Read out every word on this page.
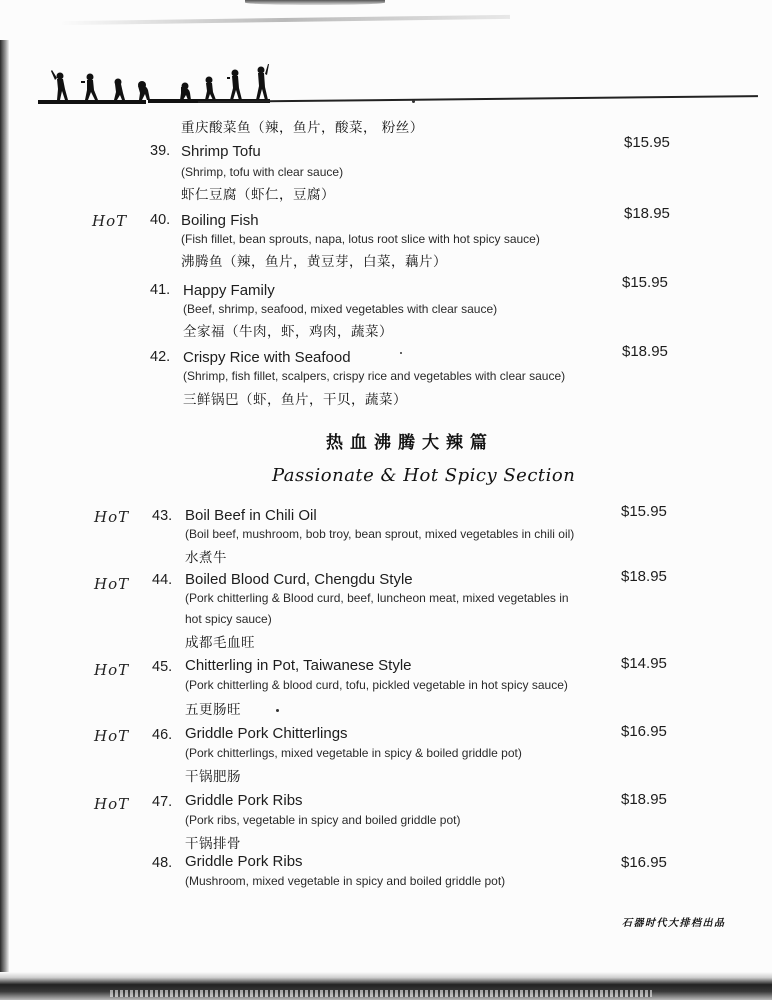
重庆酸菜鱼（辣，鱼片，酸菜， 粉丝）
39. Shrimp Tofu
(Shrimp, tofu with clear sauce)
虾仁豆腐（虾仁，豆腐）
$15.95
HoT 40. Boiling Fish
(Fish fillet, bean sprouts, napa, lotus root slice with hot spicy sauce)
沸腾鱼（辣，鱼片，黄豆芽，白菜，藕片）
$18.95
41. Happy Family
(Beef, shrimp, seafood, mixed vegetables with clear sauce)
全家福（牛肉，虾，鸡肉，蔬菜）
$15.95
42. Crispy Rice with Seafood
(Shrimp, fish fillet, scalpers, crispy rice and vegetables with clear sauce)
三鲜锅巴（虾，鱼片，干贝，蔬菜）
$18.95
热血沸腾大辣篇
Passionate & Hot Spicy Section
HoT 43. Boil Beef in Chili Oil
(Boil beef, mushroom, bob troy, bean sprout, mixed vegetables in chili oil)
水煮牛
$15.95
HoT 44. Boiled Blood Curd, Chengdu Style
(Pork chitterling & Blood curd, beef, luncheon meat, mixed vegetables in
hot spicy sauce)
成都毛血旺
$18.95
HoT 45. Chitterling in Pot, Taiwanese Style
(Pork chitterling & blood curd, tofu, pickled vegetable in hot spicy sauce)
五更肠旺
$14.95
HoT 46. Griddle Pork Chitterlings
(Pork chitterlings, mixed vegetable in spicy & boiled griddle pot)
干锅肥肠
$16.95
HoT 47. Griddle Pork Ribs
(Pork ribs, vegetable in spicy and boiled griddle pot)
干锅排骨
$18.95
48. Griddle Pork Ribs
(Mushroom, mixed vegetable in spicy and boiled griddle pot)
$16.95
石器时代大排档出品
